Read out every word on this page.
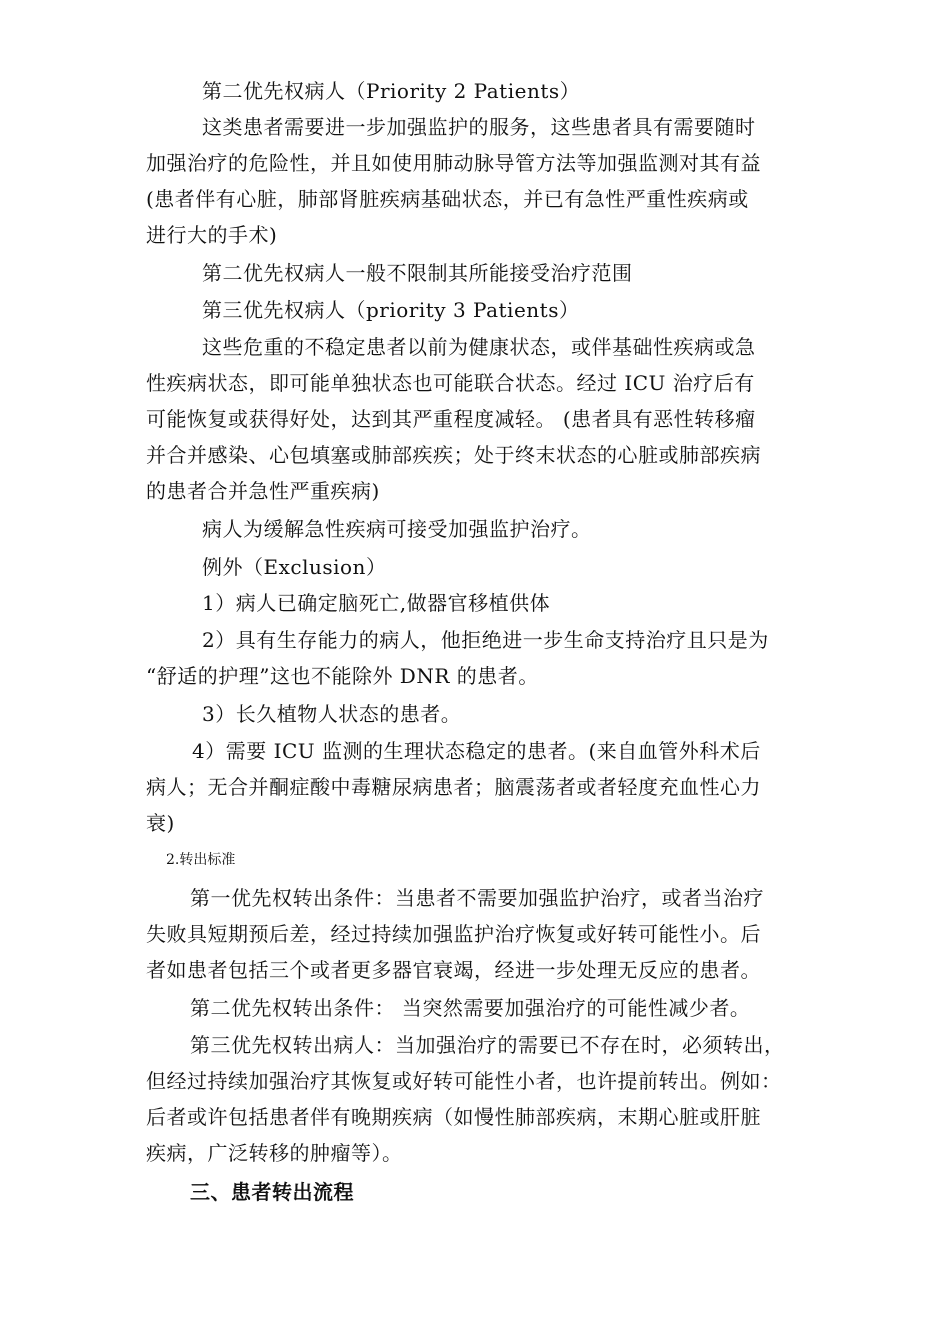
第二优先权病人（Priority 2 Patients）
这类患者需要进一步加强监护的服务，这些患者具有需要随时
加强治疗的危险性，并且如使用肺动脉导管方法等加强监测对其有益
(患者伴有心脏，肺部肾脏疾病基础状态，并已有急性严重性疾病或
进行大的手术)
第二优先权病人一般不限制其所能接受治疗范围
第三优先权病人（priority 3 Patients）
这些危重的不稳定患者以前为健康状态，或伴基础性疾病或急
性疾病状态，即可能单独状态也可能联合状态。经过 ICU 治疗后有
可能恢复或获得好处，达到其严重程度减轻。 (患者具有恶性转移瘤
并合并感染、心包填塞或肺部疾疾；处于终末状态的心脏或肺部疾病
的患者合并急性严重疾病)
病人为缓解急性疾病可接受加强监护治疗。
例外（Exclusion）
1）病人已确定脑死亡,做器官移植供体
2）具有生存能力的病人，他拒绝进一步生命支持治疗且只是为
“舒适的护理”这也不能除外 DNR 的患者。
3）长久植物人状态的患者。
4）需要 ICU 监测的生理状态稳定的患者。(来自血管外科术后
病人；无合并酮症酸中毒糖尿病患者；脑震荡者或者轻度充血性心力
衰)
2.转出标准
第一优先权转出条件：当患者不需要加强监护治疗，或者当治疗
失败具短期预后差，经过持续加强监护治疗恢复或好转可能性小。后
者如患者包括三个或者更多器官衰竭，经进一步处理无反应的患者。
第二优先权转出条件： 当突然需要加强治疗的可能性减少者。
第三优先权转出病人：当加强治疗的需要已不存在时，必须转出，
但经过持续加强治疗其恢复或好转可能性小者，也许提前转出。例如：
后者或许包括患者伴有晚期疾病（如慢性肺部疾病，末期心脏或肝脏
疾病，广泛转移的肿瘤等）。
三、患者转出流程
